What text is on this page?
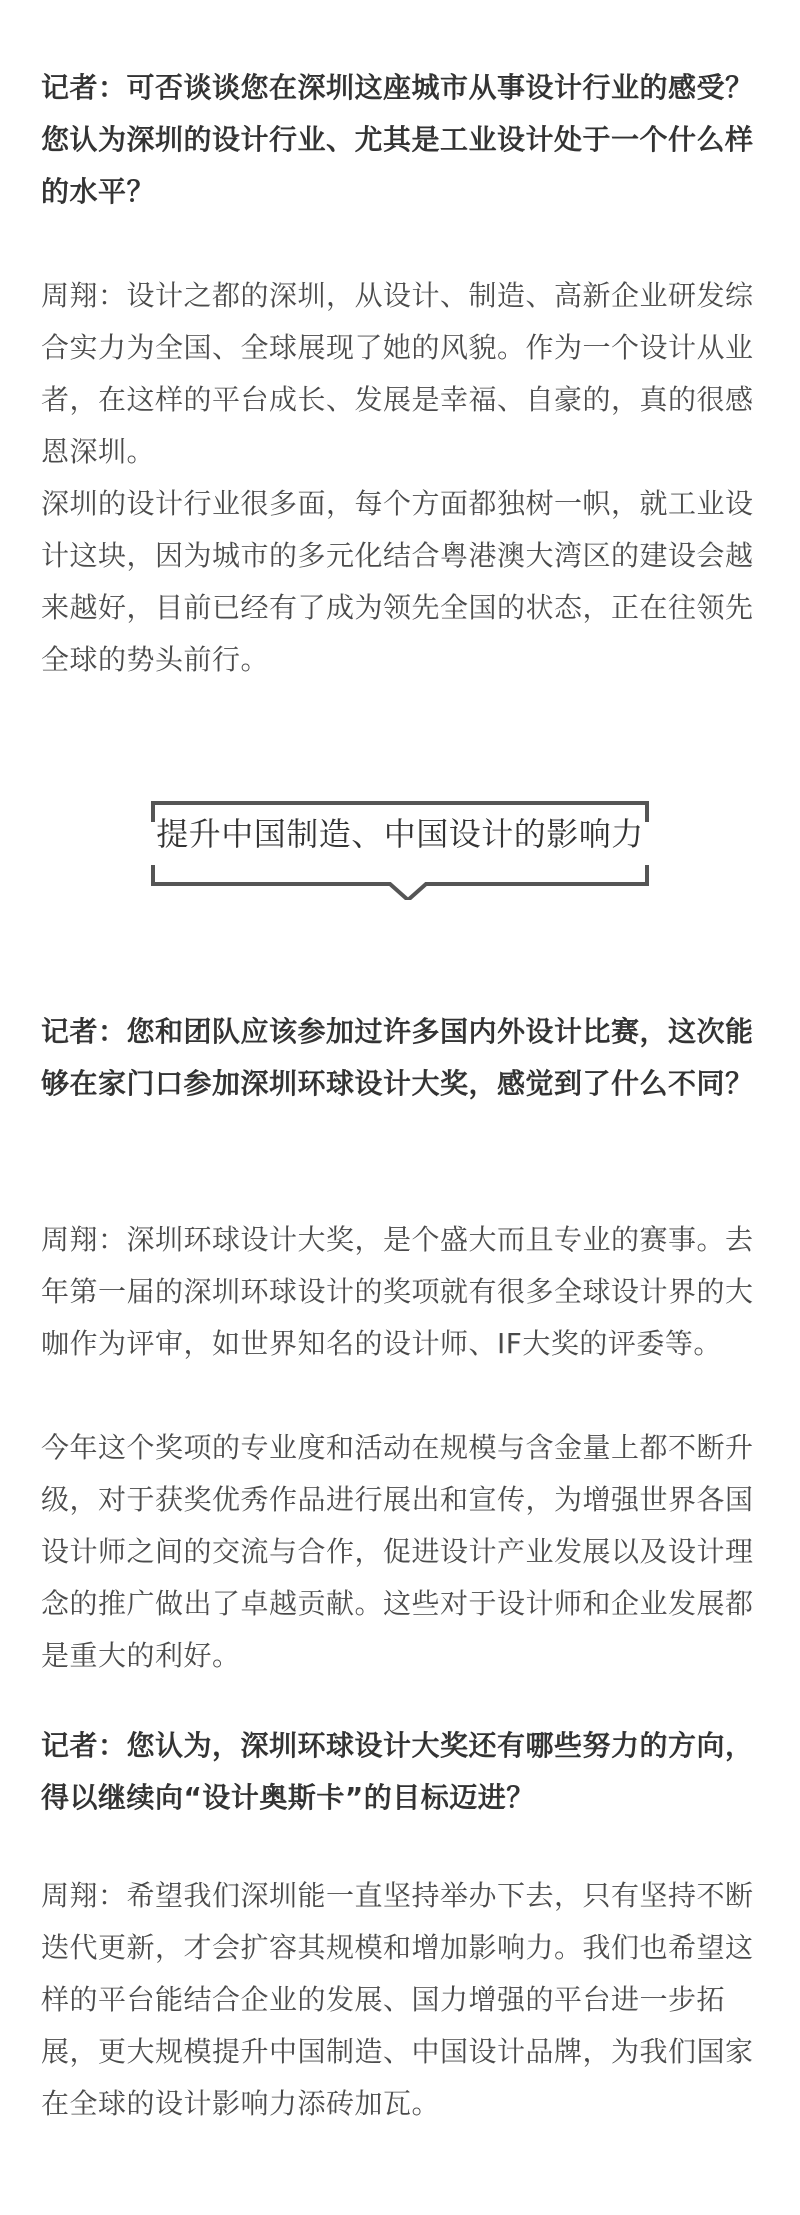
记者：可否谈谈您在深圳这座城市从事设计行业的感受？您认为深圳的设计行业、尤其是工业设计处于一个什么样的水平？

周翔：设计之都的深圳，从设计、制造、高新企业研发综合实力为全国、全球展现了她的风貌。作为一个设计从业者，在这样的平台成长、发展是幸福、自豪的，真的很感恩深圳。

深圳的设计行业很多面，每个方面都独树一帜，就工业设计这块，因为城市的多元化结合粤港澳大湾区的建设会越来越好，目前已经有了成为领先全国的状态，正在往领先全球的势头前行。

提升中国制造、中国设计的影响力

记者：您和团队应该参加过许多国内外设计比赛，这次能够在家门口参加深圳环球设计大奖，感觉到了什么不同？

周翔：深圳环球设计大奖，是个盛大而且专业的赛事。去年第一届的深圳环球设计的奖项就有很多全球设计界的大咖作为评审，如世界知名的设计师、IF大奖的评委等。

今年这个奖项的专业度和活动在规模与含金量上都不断升级，对于获奖优秀作品进行展出和宣传，为增强世界各国设计师之间的交流与合作，促进设计产业发展以及设计理念的推广做出了卓越贡献。这些对于设计师和企业发展都是重大的利好。

记者：您认为，深圳环球设计大奖还有哪些努力的方向，得以继续向“设计奥斯卡”的目标迈进？

周翔：希望我们深圳能一直坚持举办下去，只有坚持不断迭代更新，才会扩容其规模和增加影响力。我们也希望这样的平台能结合企业的发展、国力增强的平台进一步拓展，更大规模提升中国制造、中国设计品牌，为我们国家在全球的设计影响力添砖加瓦。
